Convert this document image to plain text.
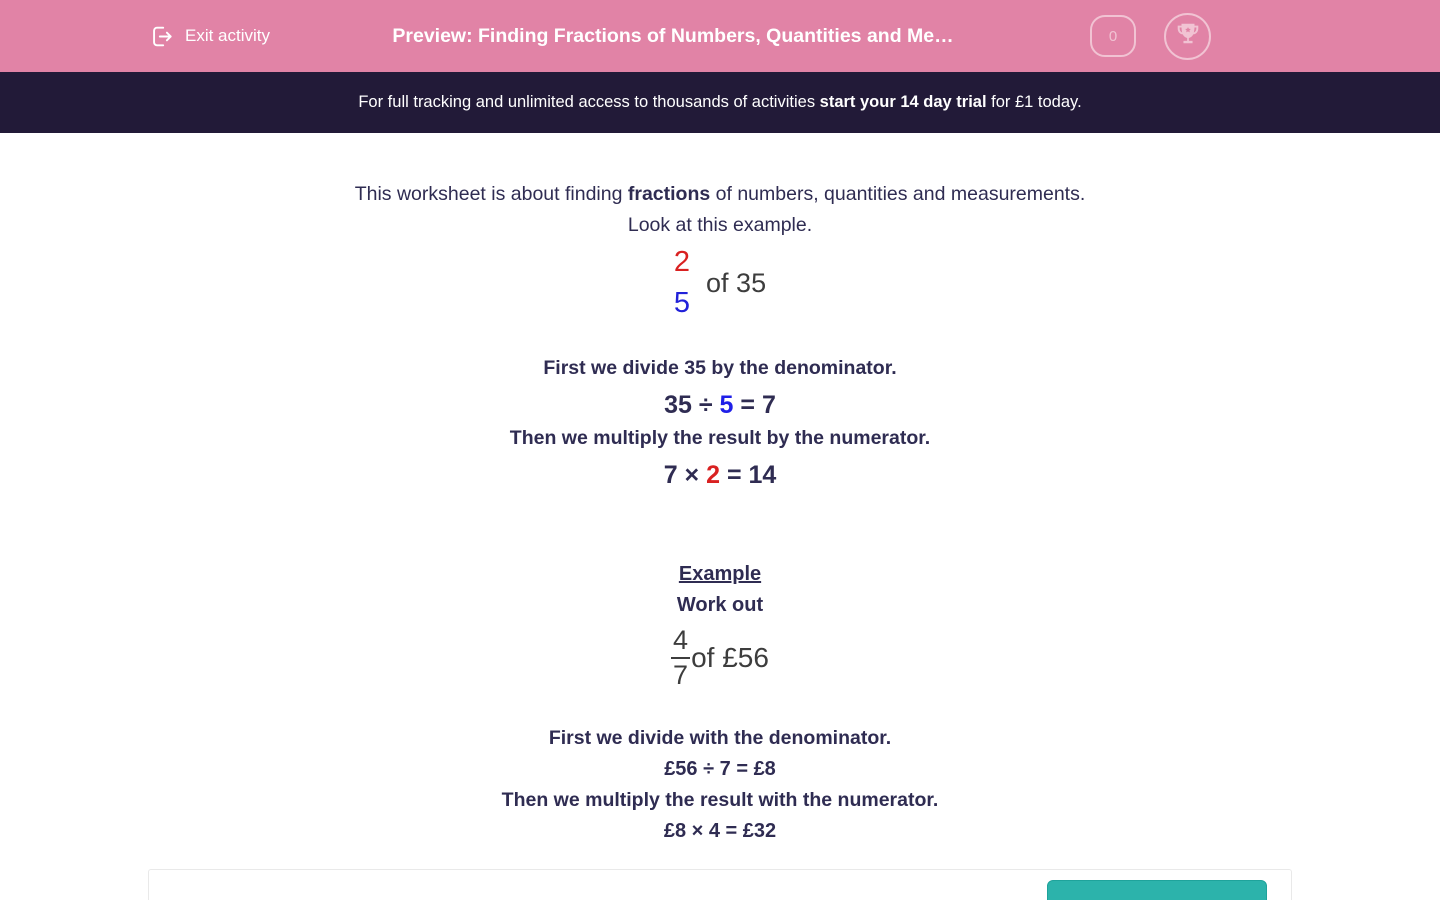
Exit activity	Preview: Finding Fractions of Numbers, Quantities and Me…	0
For full tracking and unlimited access to thousands of activities start your 14 day trial for £1 today.
This worksheet is about finding fractions of numbers, quantities and measurements.
Look at this example.
2
5
of 35
First we divide 35 by the denominator.
35 ÷ 5 = 7
Then we multiply the result by the numerator.
7 × 2 = 14
Example
Work out
4
7
of £56
First we divide with the denominator.
£56 ÷ 7 = £8
Then we multiply the result with the numerator.
£8 × 4 = £32
